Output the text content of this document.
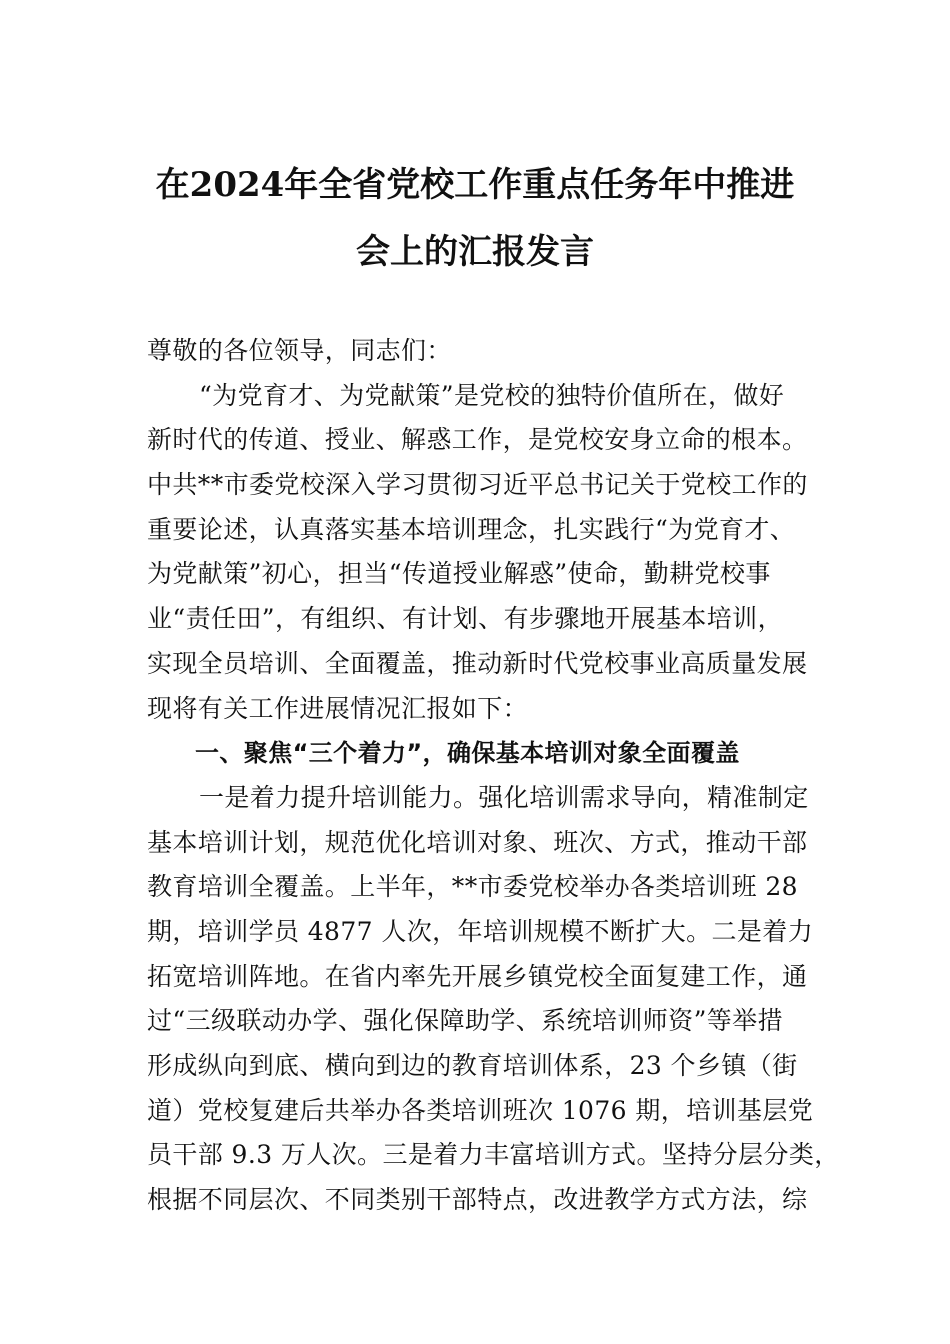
在2024年全省党校工作重点任务年中推进
会上的汇报发言
尊敬的各位领导，同志们：
“为党育才、为党献策”是党校的独特价值所在，做好
新时代的传道、授业、解惑工作，是党校安身立命的根本。
中共**市委党校深入学习贯彻习近平总书记关于党校工作的
重要论述，认真落实基本培训理念，扎实践行“为党育才、
为党献策”初心，担当“传道授业解惑”使命，勤耕党校事
业“责任田”，有组织、有计划、有步骤地开展基本培训，
实现全员培训、全面覆盖，推动新时代党校事业高质量发展
现将有关工作进展情况汇报如下：
一、聚焦“三个着力”，确保基本培训对象全面覆盖
一是着力提升培训能力。强化培训需求导向，精准制定
基本培训计划，规范优化培训对象、班次、方式，推动干部
教育培训全覆盖。上半年，**市委党校举办各类培训班 28
期，培训学员 4877 人次，年培训规模不断扩大。二是着力
拓宽培训阵地。在省内率先开展乡镇党校全面复建工作，通
过“三级联动办学、强化保障助学、系统培训师资”等举措
形成纵向到底、横向到边的教育培训体系，23 个乡镇（街
道）党校复建后共举办各类培训班次 1076 期，培训基层党
员干部 9.3 万人次。三是着力丰富培训方式。坚持分层分类，
根据不同层次、不同类别干部特点，改进教学方式方法，综
